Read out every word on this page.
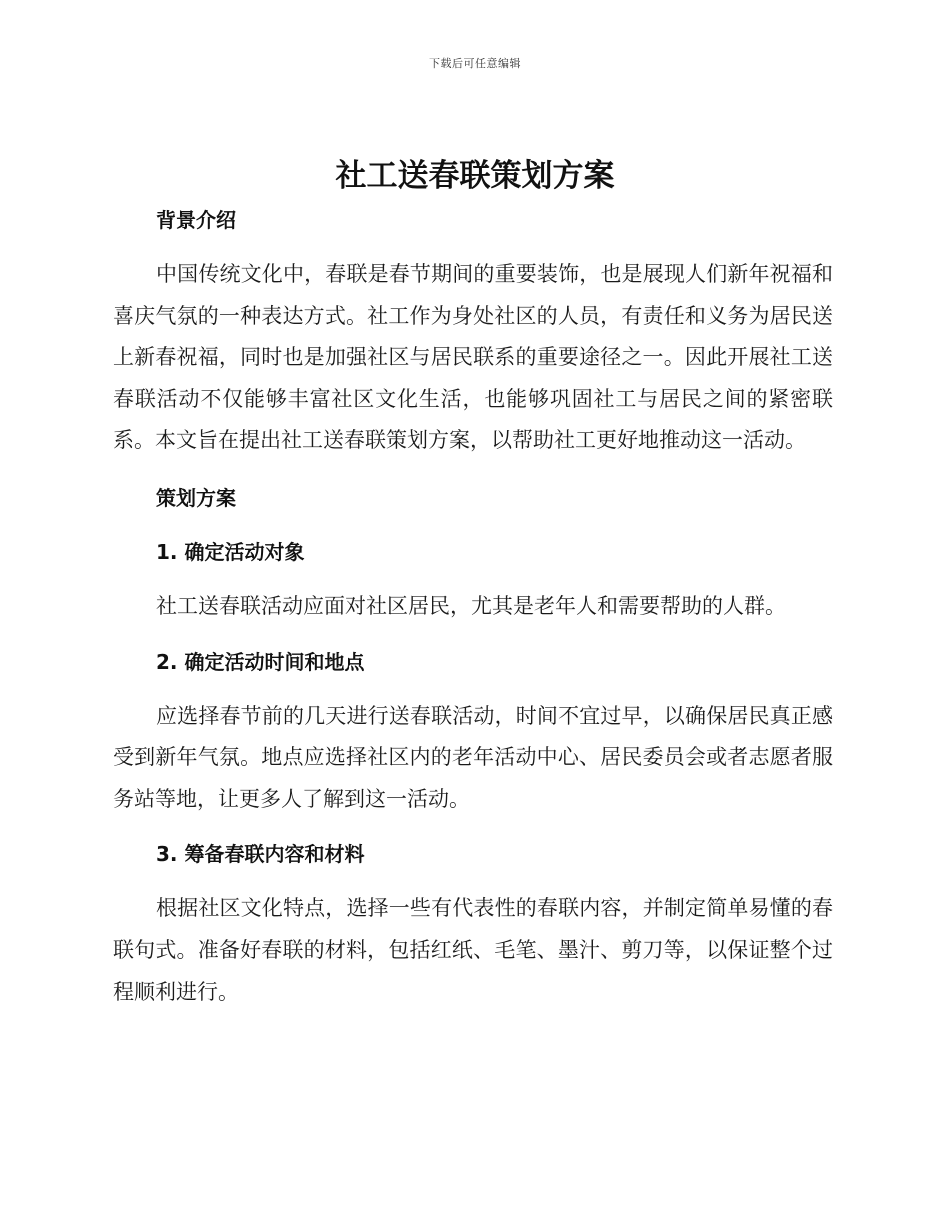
下载后可任意编辑
社工送春联策划方案
背景介绍

中国传统文化中，春联是春节期间的重要装饰，也是展现人们新年祝福和喜庆气氛的一种表达方式。社工作为身处社区的人员，有责任和义务为居民送上新春祝福，同时也是加强社区与居民联系的重要途径之一。因此开展社工送春联活动不仅能够丰富社区文化生活，也能够巩固社工与居民之间的紧密联系。本文旨在提出社工送春联策划方案，以帮助社工更好地推动这一活动。

策划方案
1. 确定活动对象

社工送春联活动应面对社区居民，尤其是老年人和需要帮助的人群。

2. 确定活动时间和地点

应选择春节前的几天进行送春联活动，时间不宜过早，以确保居民真正感受到新年气氛。地点应选择社区内的老年活动中心、居民委员会或者志愿者服务站等地，让更多人了解到这一活动。

3. 筹备春联内容和材料

根据社区文化特点，选择一些有代表性的春联内容，并制定简单易懂的春联句式。准备好春联的材料，包括红纸、毛笔、墨汁、剪刀等，以保证整个过程顺利进行。
